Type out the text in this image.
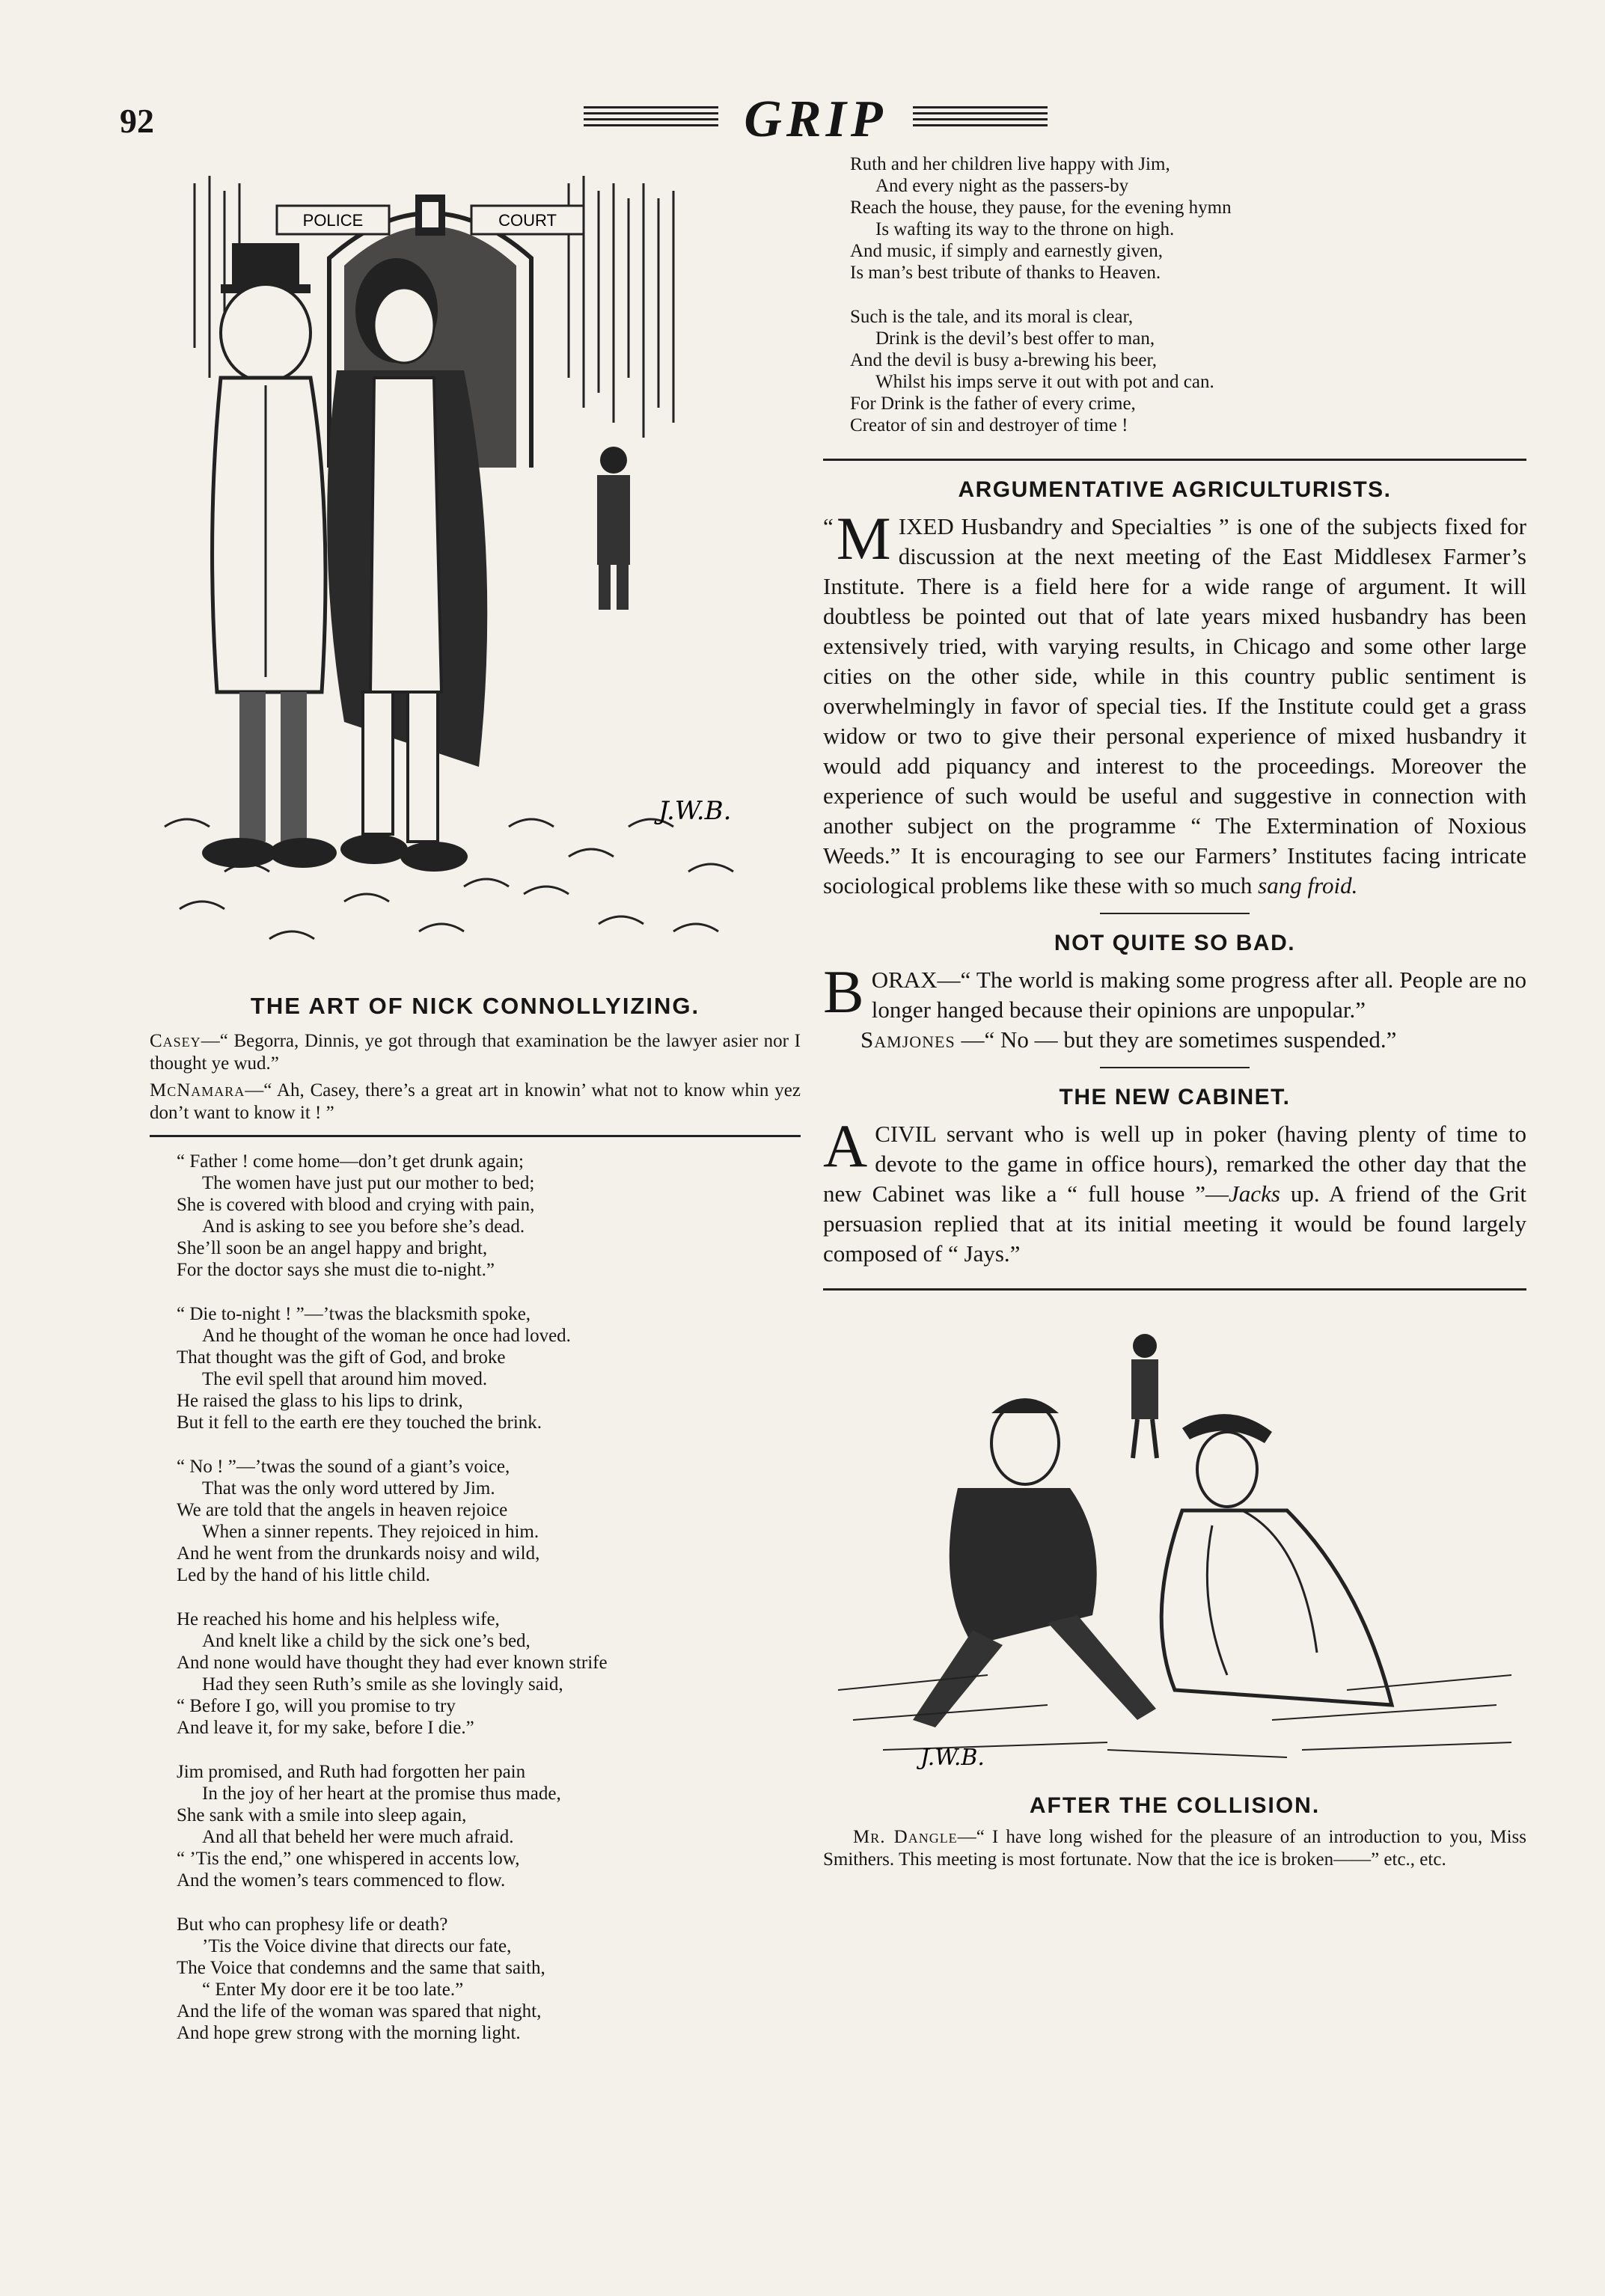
92	GRIP
POLICE	COURT
J.W.B.
THE ART OF NICK CONNOLLYIZING.

Casey—“ Begorra, Dinnis, ye got through that examination be the lawyer asier nor I thought ye wud.”

McNamara—“ Ah, Casey, there’s a great art in knowin’ what not to know whin yez don’t want to know it ! ”

“ Father ! come home—don’t get drunk again;
The women have just put our mother to bed;
She is covered with blood and crying with pain,
And is asking to see you before she’s dead.
She’ll soon be an angel happy and bright,
For the doctor says she must die to-night.”
“ Die to-night ! ”—’twas the blacksmith spoke,
And he thought of the woman he once had loved.
That thought was the gift of God, and broke
The evil spell that around him moved.
He raised the glass to his lips to drink,
But it fell to the earth ere they touched the brink.
“ No ! ”—’twas the sound of a giant’s voice,
That was the only word uttered by Jim.
We are told that the angels in heaven rejoice
When a sinner repents. They rejoiced in him.
And he went from the drunkards noisy and wild,
Led by the hand of his little child.
He reached his home and his helpless wife,
And knelt like a child by the sick one’s bed,
And none would have thought they had ever known strife
Had they seen Ruth’s smile as she lovingly said,
“ Before I go, will you promise to try
And leave it, for my sake, before I die.”
Jim promised, and Ruth had forgotten her pain
In the joy of her heart at the promise thus made,
She sank with a smile into sleep again,
And all that beheld her were much afraid.
“ ’Tis the end,” one whispered in accents low,
And the women’s tears commenced to flow.
But who can prophesy life or death?
’Tis the Voice divine that directs our fate,
The Voice that condemns and the same that saith,
“ Enter My door ere it be too late.”
And the life of the woman was spared that night,
And hope grew strong with the morning light.
Ruth and her children live happy with Jim,
And every night as the passers-by
Reach the house, they pause, for the evening hymn
Is wafting its way to the throne on high.
And music, if simply and earnestly given,
Is man’s best tribute of thanks to Heaven.
Such is the tale, and its moral is clear,
Drink is the devil’s best offer to man,
And the devil is busy a-brewing his beer,
Whilst his imps serve it out with pot and can.
For Drink is the father of every crime,
Creator of sin and destroyer of time !
ARGUMENTATIVE AGRICULTURISTS.

“ M IXED Husbandry and Specialties ” is one of the subjects fixed for discussion at the next meeting of the East Middlesex Farmer’s Institute. There is a field here for a wide range of argument. It will doubtless be pointed out that of late years mixed husbandry has been extensively tried, with varying results, in Chicago and some other large cities on the other side, while in this country public sentiment is overwhelmingly in favor of special ties. If the Institute could get a grass widow or two to give their personal experience of mixed husbandry it would add piquancy and interest to the proceedings. Moreover the experience of such would be useful and suggestive in connection with another subject on the programme “ The Extermination of Noxious Weeds.” It is encouraging to see our Farmers’ Institutes facing intricate sociological problems like these with so much sang froid.

NOT QUITE SO BAD.

BORAX—“ The world is making some progress after all. People are no longer hanged because their opinions are unpopular.”

Samjones —“ No — but they are sometimes suspended.”

THE NEW CABINET.

A CIVIL servant who is well up in poker (having plenty of time to devote to the game in office hours), remarked the other day that the new Cabinet was like a “ full house ”—Jacks up. A friend of the Grit persuasion replied that at its initial meeting it would be found largely composed of “ Jays.”

J.W.B.
AFTER THE COLLISION.

Mr. Dangle—“ I have long wished for the pleasure of an introduction to you, Miss Smithers. This meeting is most fortunate. Now that the ice is broken——” etc., etc.
